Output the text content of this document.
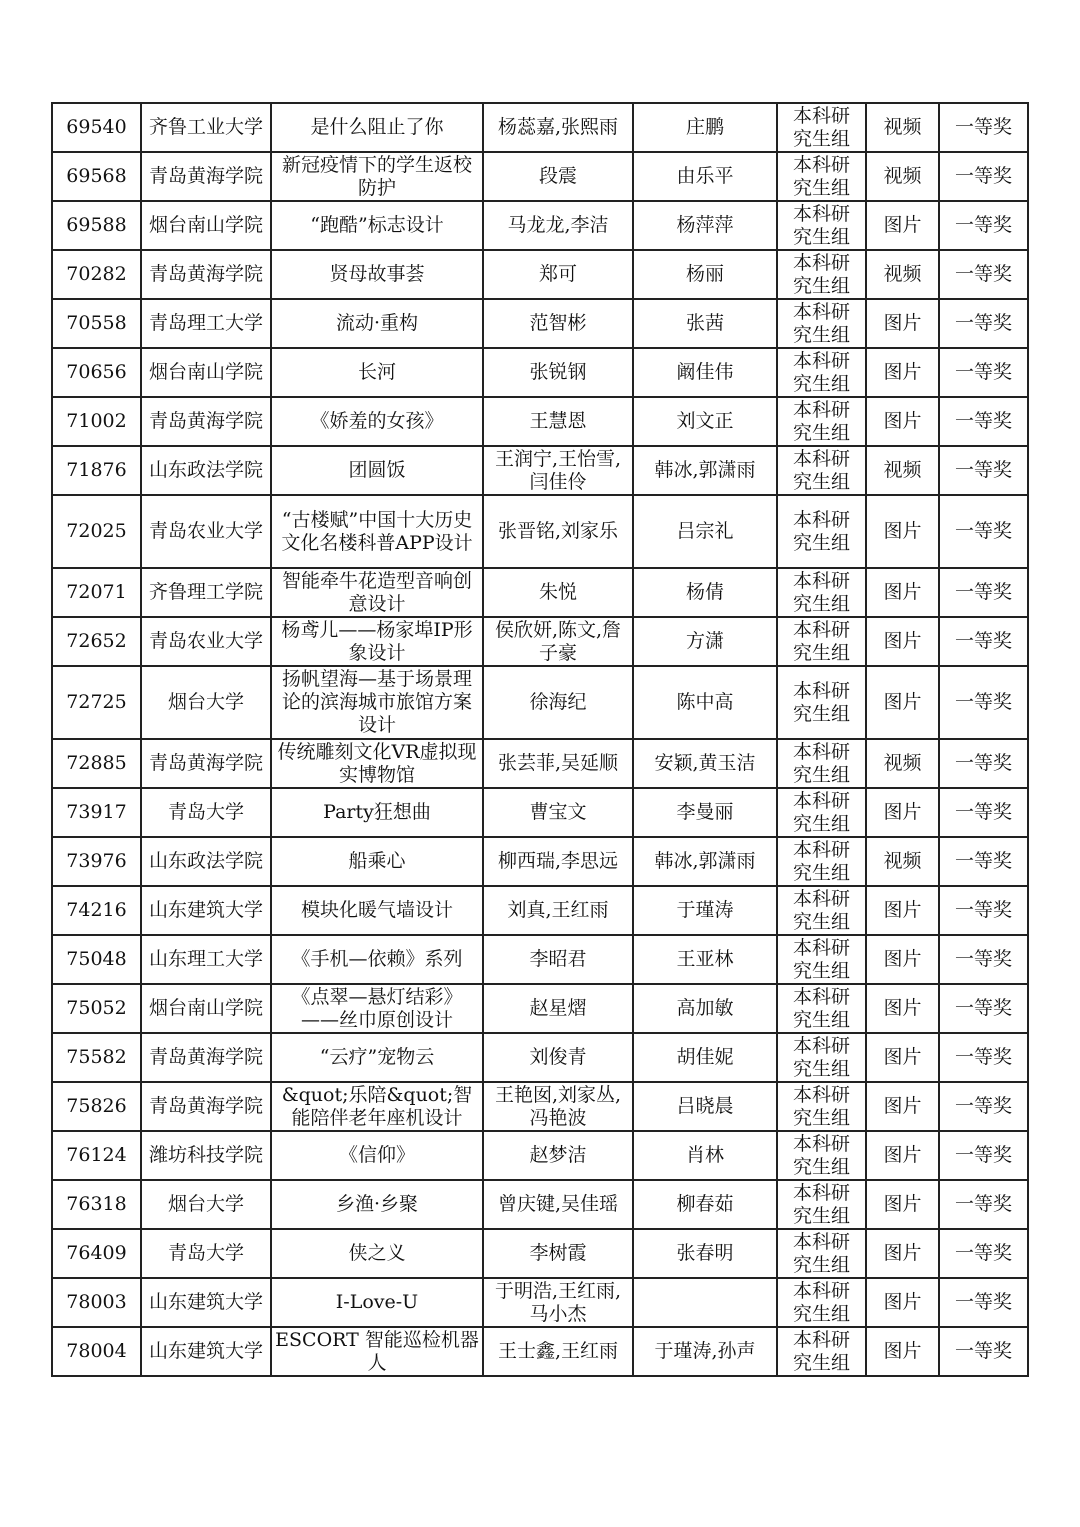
69540	齐鲁工业大学	是什么阻止了你	杨蕊嘉,张熙雨	庄鹏	本科研究生组	视频	一等奖
69568	青岛黄海学院	新冠疫情下的学生返校防护	段震	由乐平	本科研究生组	视频	一等奖
69588	烟台南山学院	“跑酷”标志设计	马龙龙,李洁	杨萍萍	本科研究生组	图片	一等奖
70282	青岛黄海学院	贤母故事荟	郑可	杨丽	本科研究生组	视频	一等奖
70558	青岛理工大学	流动·重构	范智彬	张茜	本科研究生组	图片	一等奖
70656	烟台南山学院	长河	张锐钢	阚佳伟	本科研究生组	图片	一等奖
71002	青岛黄海学院	《娇羞的女孩》	王慧恩	刘文正	本科研究生组	图片	一等奖
71876	山东政法学院	团圆饭	王润宁,王怡雪,闫佳伶	韩冰,郭潇雨	本科研究生组	视频	一等奖
72025	青岛农业大学	“古楼赋”中国十大历史文化名楼科普APP设计	张晋铭,刘家乐	吕宗礼	本科研究生组	图片	一等奖
72071	齐鲁理工学院	智能牵牛花造型音响创意设计	朱悦	杨倩	本科研究生组	图片	一等奖
72652	青岛农业大学	杨鸢儿——杨家埠IP形象设计	侯欣妍,陈文,詹子豪	方潇	本科研究生组	图片	一等奖
72725	烟台大学	扬帆望海—基于场景理论的滨海城市旅馆方案设计	徐海纪	陈中高	本科研究生组	图片	一等奖
72885	青岛黄海学院	传统雕刻文化VR虚拟现实博物馆	张芸菲,吴延顺	安颖,黄玉洁	本科研究生组	视频	一等奖
73917	青岛大学	Party狂想曲	曹宝文	李曼丽	本科研究生组	图片	一等奖
73976	山东政法学院	船乘心	柳西瑞,李思远	韩冰,郭潇雨	本科研究生组	视频	一等奖
74216	山东建筑大学	模块化暖气墙设计	刘真,王红雨	于瑾涛	本科研究生组	图片	一等奖
75048	山东理工大学	《手机—依赖》系列	李昭君	王亚林	本科研究生组	图片	一等奖
75052	烟台南山学院	《点翠—悬灯结彩》——丝巾原创设计	赵星熠	高加敏	本科研究生组	图片	一等奖
75582	青岛黄海学院	“云疗”宠物云	刘俊青	胡佳妮	本科研究生组	图片	一等奖
75826	青岛黄海学院	&quot;乐陪&quot;智能陪伴老年座机设计	王艳囡,刘家丛,冯艳波	吕晓晨	本科研究生组	图片	一等奖
76124	潍坊科技学院	《信仰》	赵梦洁	肖林	本科研究生组	图片	一等奖
76318	烟台大学	乡渔·乡聚	曾庆键,吴佳瑶	柳春茹	本科研究生组	图片	一等奖
76409	青岛大学	侠之义	李树霞	张春明	本科研究生组	图片	一等奖
78003	山东建筑大学	I-Love-U	于明浩,王红雨,马小杰		本科研究生组	图片	一等奖
78004	山东建筑大学	ESCORT 智能巡检机器人	王士鑫,王红雨	于瑾涛,孙声	本科研究生组	图片	一等奖
